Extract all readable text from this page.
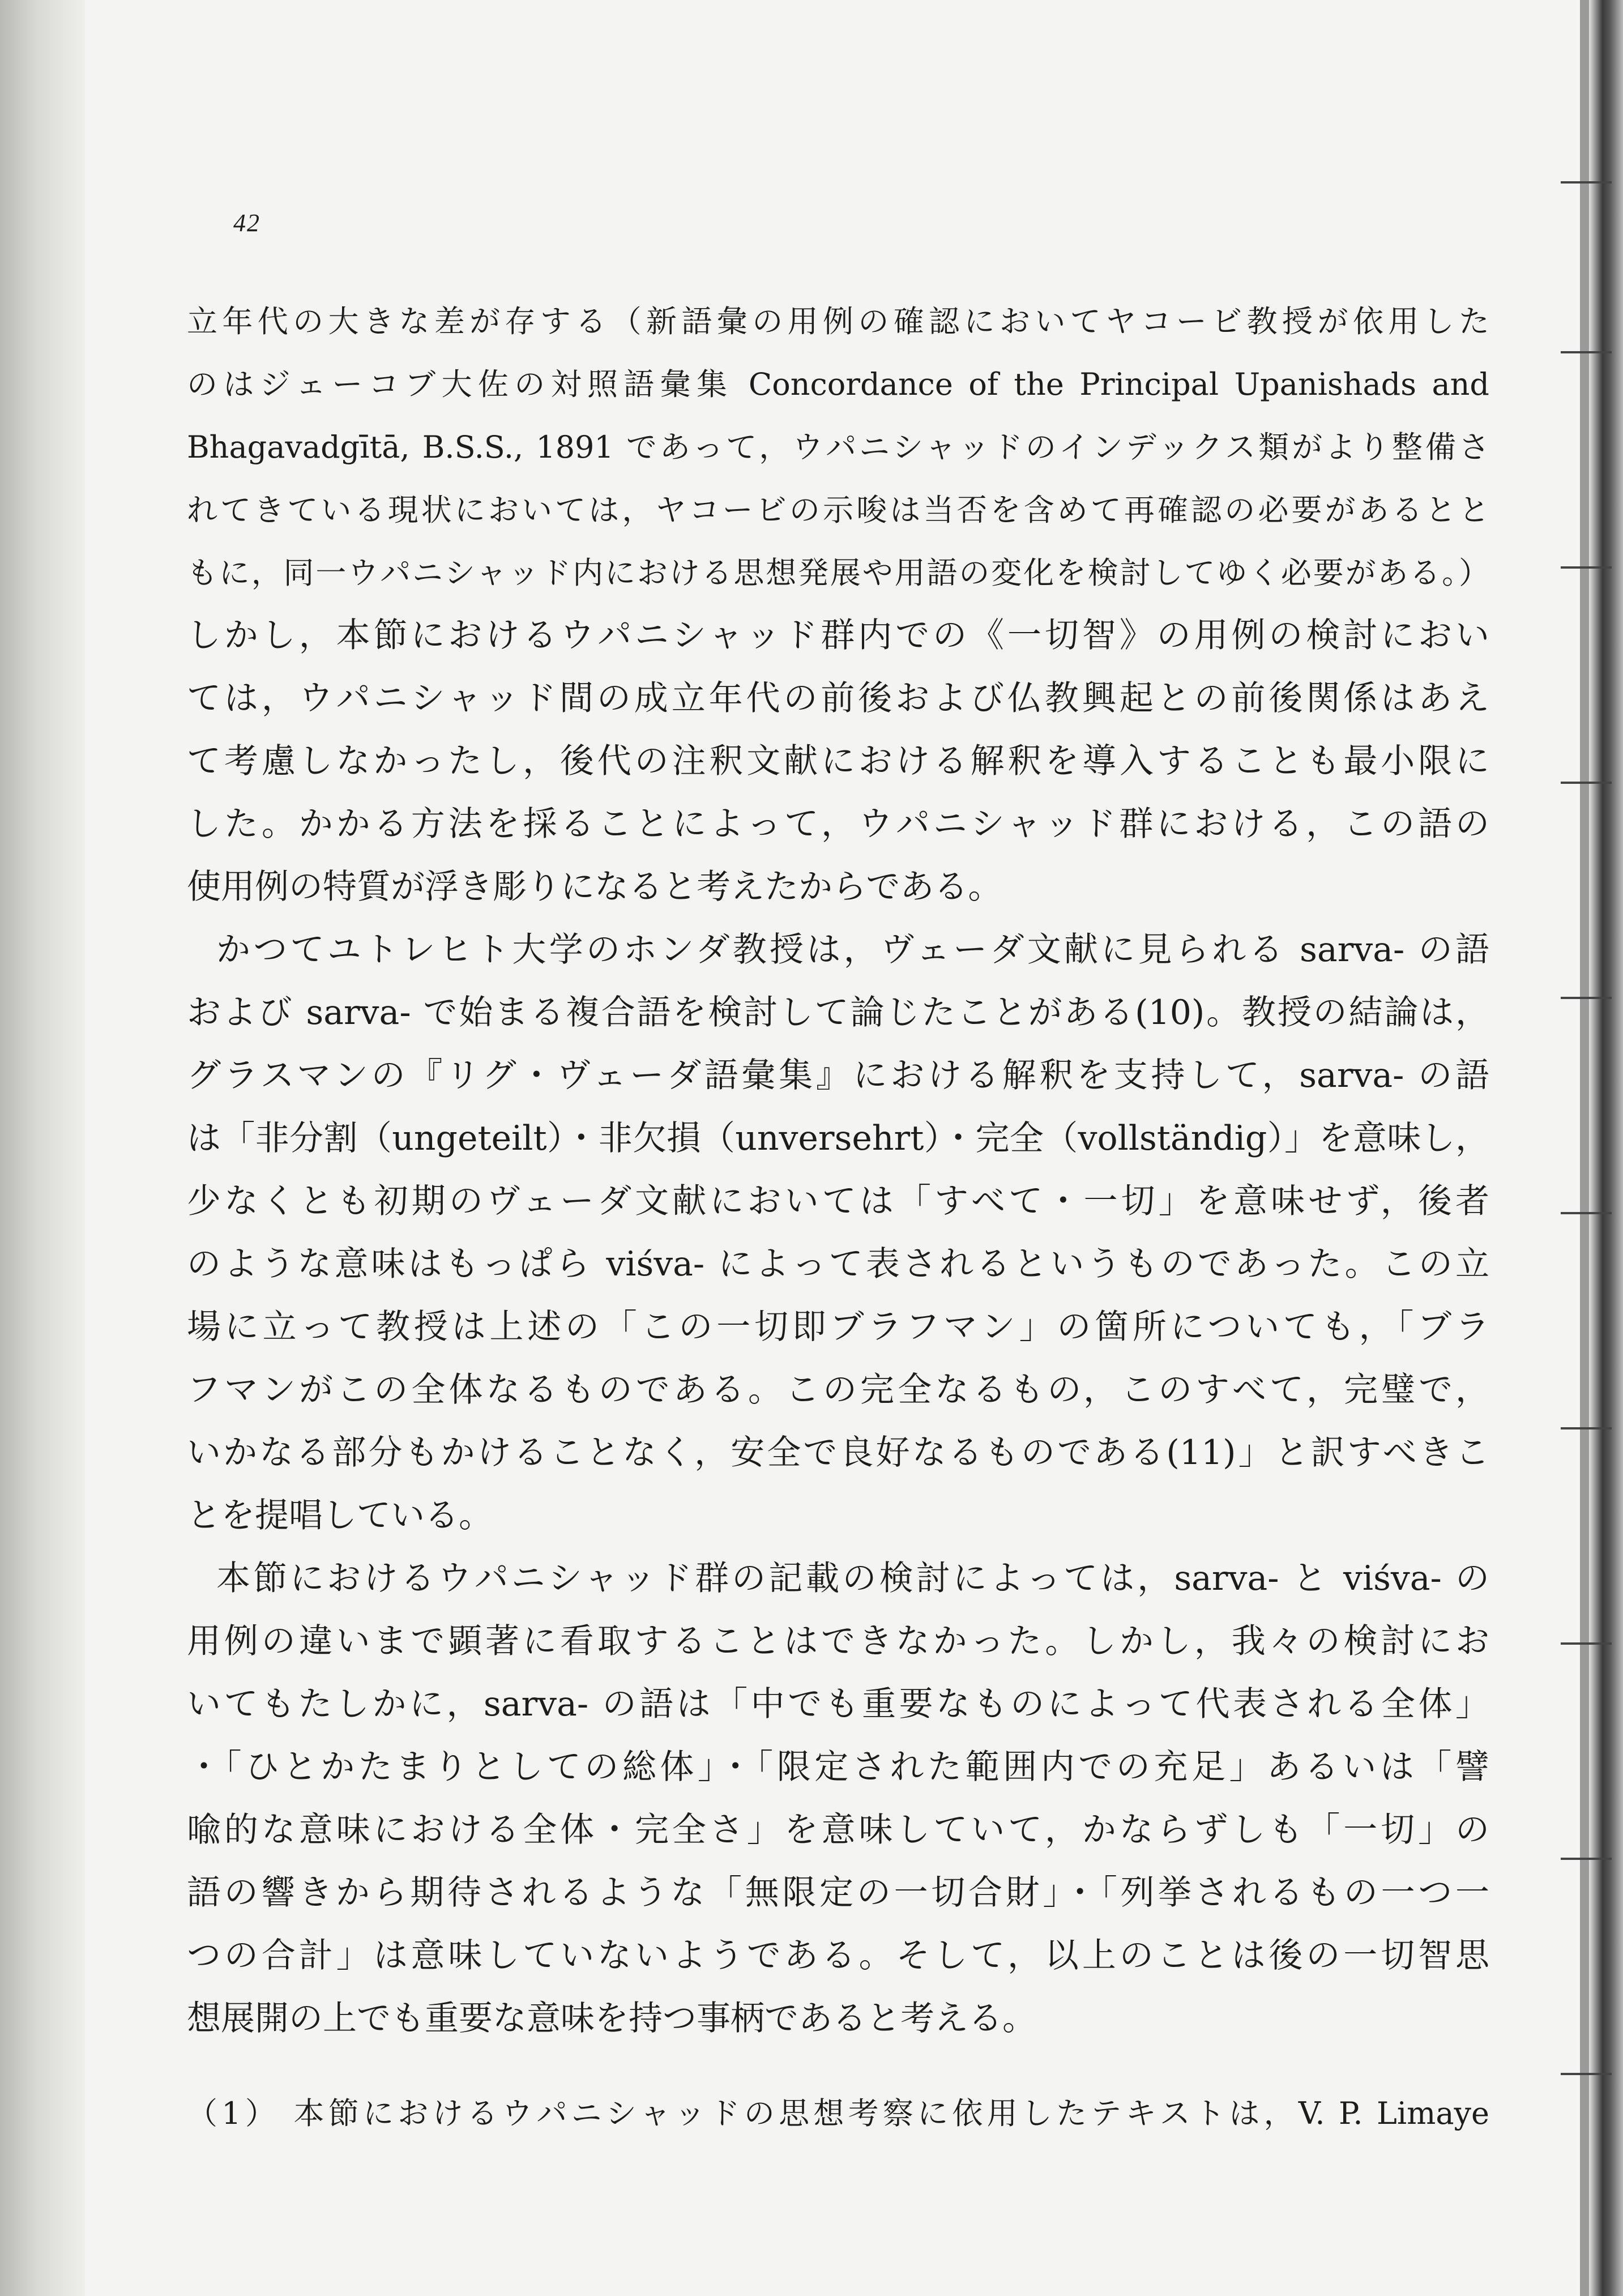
42
立年代の大きな差が存する（新語彙の用例の確認においてヤコービ教授が依用した
のはジェーコブ大佐の対照語彙集 Concordance of the Principal Upanishads and
Bhagavadgītā, B.S.S., 1891 であって，ウパニシャッドのインデックス類がより整備さ
れてきている現状においては，ヤコービの示唆は当否を含めて再確認の必要があるとと
もに，同一ウパニシャッド内における思想発展や用語の変化を検討してゆく必要がある。）
しかし，本節におけるウパニシャッド群内での《一切智》の用例の検討におい
ては，ウパニシャッド間の成立年代の前後および仏教興起との前後関係はあえ
て考慮しなかったし，後代の注釈文献における解釈を導入することも最小限に
した。かかる方法を採ることによって，ウパニシャッド群における，この語の
使用例の特質が浮き彫りになると考えたからである。
かつてユトレヒト大学のホンダ教授は，ヴェーダ文献に見られる sarva- の語
および sarva- で始まる複合語を検討して論じたことがある(10)。教授の結論は，
グラスマンの『リグ・ヴェーダ語彙集』における解釈を支持して，sarva- の語
は「非分割（ungeteilt）・非欠損（unversehrt）・完全（vollständig）」を意味し，
少なくとも初期のヴェーダ文献においては「すべて・一切」を意味せず，後者
のような意味はもっぱら viśva- によって表されるというものであった。この立
場に立って教授は上述の「この一切即ブラフマン」の箇所についても，「ブラ
フマンがこの全体なるものである。この完全なるもの，このすべて，完璧で，
いかなる部分もかけることなく，安全で良好なるものである(11)」と訳すべきこ
とを提唱している。
本節におけるウパニシャッド群の記載の検討によっては，sarva- と viśva- の
用例の違いまで顕著に看取することはできなかった。しかし，我々の検討にお
いてもたしかに，sarva- の語は「中でも重要なものによって代表される全体」
・「ひとかたまりとしての総体」・「限定された範囲内での充足」あるいは「譬
喩的な意味における全体・完全さ」を意味していて，かならずしも「一切」の
語の響きから期待されるような「無限定の一切合財」・「列挙されるもの一つ一
つの合計」は意味していないようである。そして，以上のことは後の一切智思
想展開の上でも重要な意味を持つ事柄であると考える。
（1） 本節におけるウパニシャッドの思想考察に依用したテキストは，V. P. Limaye
